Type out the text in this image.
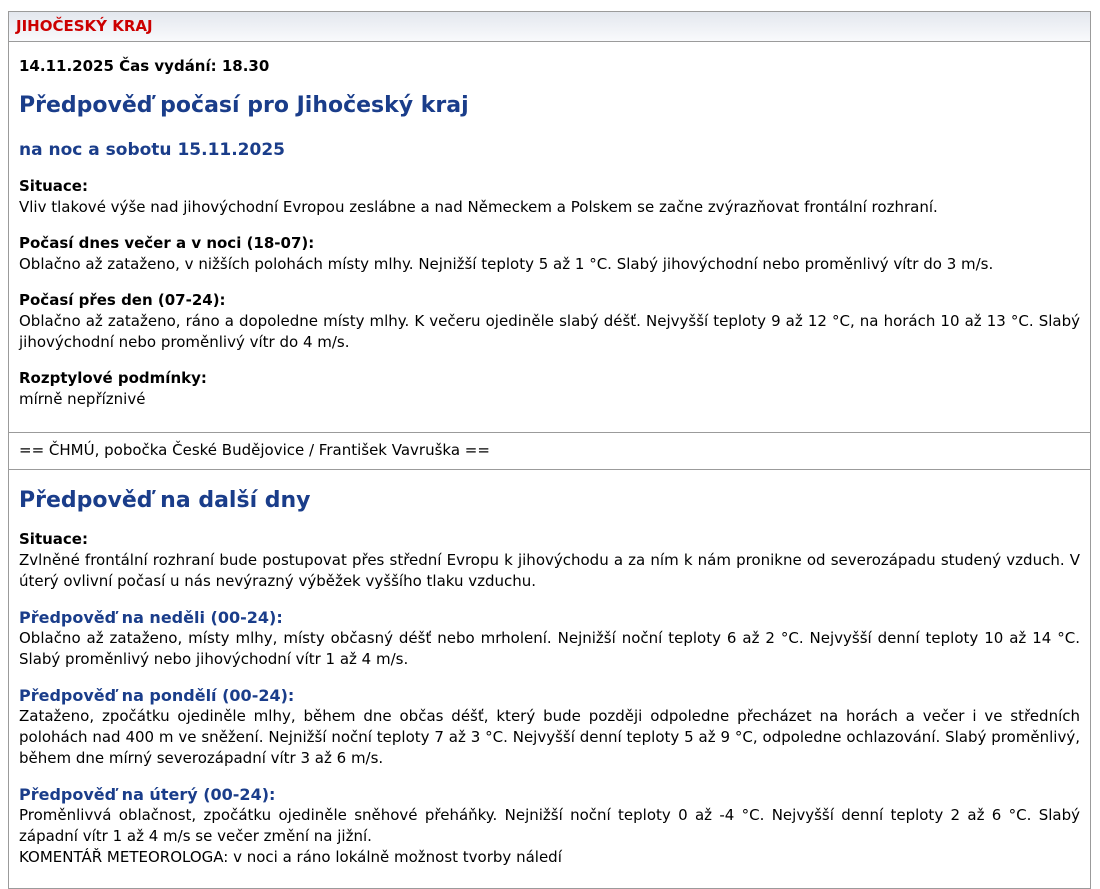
JIHOČESKÝ KRAJ
14.11.2025 Čas vydání: 18.30
Předpověď počasí pro Jihočeský kraj
na noc a sobotu 15.11.2025
Situace:
Vliv tlakové výše nad jihovýchodní Evropou zeslábne a nad Německem a Polskem se začne zvýrazňovat frontální rozhraní.
Počasí dnes večer a v noci (18-07):
Oblačno až zataženo, v nižších polohách místy mlhy. Nejnižší teploty 5 až 1 °C. Slabý jihovýchodní nebo proměnlivý vítr do 3 m/s.
Počasí přes den (07-24):
Oblačno až zataženo, ráno a dopoledne místy mlhy. K večeru ojediněle slabý déšť. Nejvyšší teploty 9 až 12 °C, na horách 10 až 13 °C. Slabý jihovýchodní nebo proměnlivý vítr do 4 m/s.
Rozptylové podmínky:
mírně nepříznivé
== ČHMÚ, pobočka České Budějovice / František Vavruška ==
Předpověď na další dny
Situace:
Zvlněné frontální rozhraní bude postupovat přes střední Evropu k jihovýchodu a za ním k nám pronikne od severozápadu studený vzduch. V úterý ovlivní počasí u nás nevýrazný výběžek vyššího tlaku vzduchu.
Předpověď na neděli (00-24):
Oblačno až zataženo, místy mlhy, místy občasný déšť nebo mrholení. Nejnižší noční teploty 6 až 2 °C. Nejvyšší denní teploty 10 až 14 °C. Slabý proměnlivý nebo jihovýchodní vítr 1 až 4 m/s.
Předpověď na pondělí (00-24):
Zataženo, zpočátku ojediněle mlhy, během dne občas déšť, který bude později odpoledne přecházet na horách a večer i ve středních polohách nad 400 m ve sněžení. Nejnižší noční teploty 7 až 3 °C. Nejvyšší denní teploty 5 až 9 °C, odpoledne ochlazování. Slabý proměnlivý, během dne mírný severozápadní vítr 3 až 6 m/s.
Předpověď na úterý (00-24):
Proměnlivvá oblačnost, zpočátku ojediněle sněhové přeháňky. Nejnižší noční teploty 0 až -4 °C. Nejvyšší denní teploty 2 až 6 °C. Slabý západní vítr 1 až 4 m/s se večer změní na jižní.
KOMENTÁŘ METEOROLOGA: v noci a ráno lokálně možnost tvorby náledí
